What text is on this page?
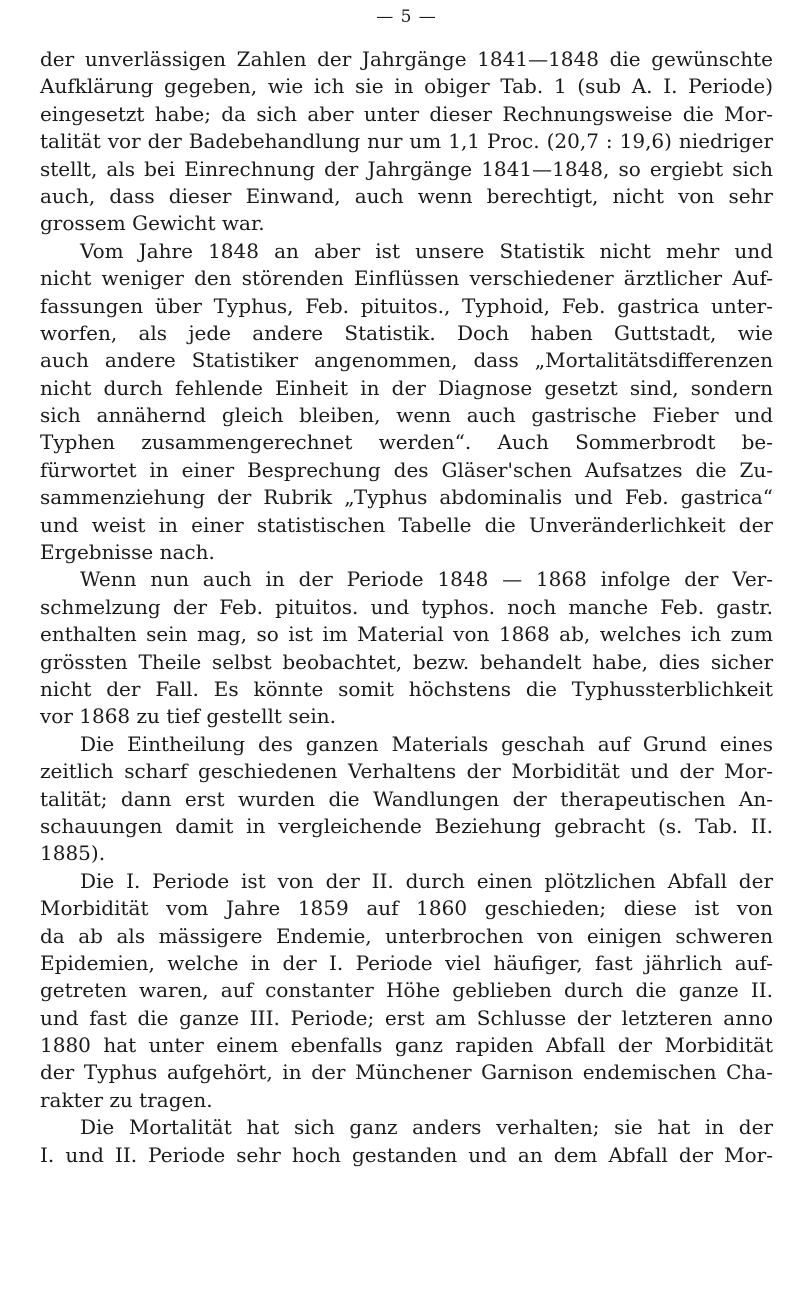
— 5 —
der unverlässigen Zahlen der Jahrgänge 1841—1848 die gewünschte
Aufklärung gegeben, wie ich sie in obiger Tab. 1 (sub A. I. Periode)
eingesetzt habe; da sich aber unter dieser Rechnungsweise die Mor-
talität vor der Badebehandlung nur um 1,1 Proc. (20,7 : 19,6) niedriger
stellt, als bei Einrechnung der Jahrgänge 1841—1848, so ergiebt sich
auch, dass dieser Einwand, auch wenn berechtigt, nicht von sehr
grossem Gewicht war.
Vom Jahre 1848 an aber ist unsere Statistik nicht mehr und
nicht weniger den störenden Einflüssen verschiedener ärztlicher Auf-
fassungen über Typhus, Feb. pituitos., Typhoid, Feb. gastrica unter-
worfen, als jede andere Statistik. Doch haben Guttstadt, wie
auch andere Statistiker angenommen, dass „Mortalitätsdifferenzen
nicht durch fehlende Einheit in der Diagnose gesetzt sind, sondern
sich annähernd gleich bleiben, wenn auch gastrische Fieber und
Typhen zusammengerechnet werden“. Auch Sommerbrodt be-
fürwortet in einer Besprechung des Gläser'schen Aufsatzes die Zu-
sammenziehung der Rubrik „Typhus abdominalis und Feb. gastrica“
und weist in einer statistischen Tabelle die Unveränderlichkeit der
Ergebnisse nach.
Wenn nun auch in der Periode 1848 — 1868 infolge der Ver-
schmelzung der Feb. pituitos. und typhos. noch manche Feb. gastr.
enthalten sein mag, so ist im Material von 1868 ab, welches ich zum
grössten Theile selbst beobachtet, bezw. behandelt habe, dies sicher
nicht der Fall. Es könnte somit höchstens die Typhussterblichkeit
vor 1868 zu tief gestellt sein.
Die Eintheilung des ganzen Materials geschah auf Grund eines
zeitlich scharf geschiedenen Verhaltens der Morbidität und der Mor-
talität; dann erst wurden die Wandlungen der therapeutischen An-
schauungen damit in vergleichende Beziehung gebracht (s. Tab. II.
1885).
Die I. Periode ist von der II. durch einen plötzlichen Abfall der
Morbidität vom Jahre 1859 auf 1860 geschieden; diese ist von
da ab als mässigere Endemie, unterbrochen von einigen schweren
Epidemien, welche in der I. Periode viel häufiger, fast jährlich auf-
getreten waren, auf constanter Höhe geblieben durch die ganze II.
und fast die ganze III. Periode; erst am Schlusse der letzteren anno
1880 hat unter einem ebenfalls ganz rapiden Abfall der Morbidität
der Typhus aufgehört, in der Münchener Garnison endemischen Cha-
rakter zu tragen.
Die Mortalität hat sich ganz anders verhalten; sie hat in der
I. und II. Periode sehr hoch gestanden und an dem Abfall der Mor-
